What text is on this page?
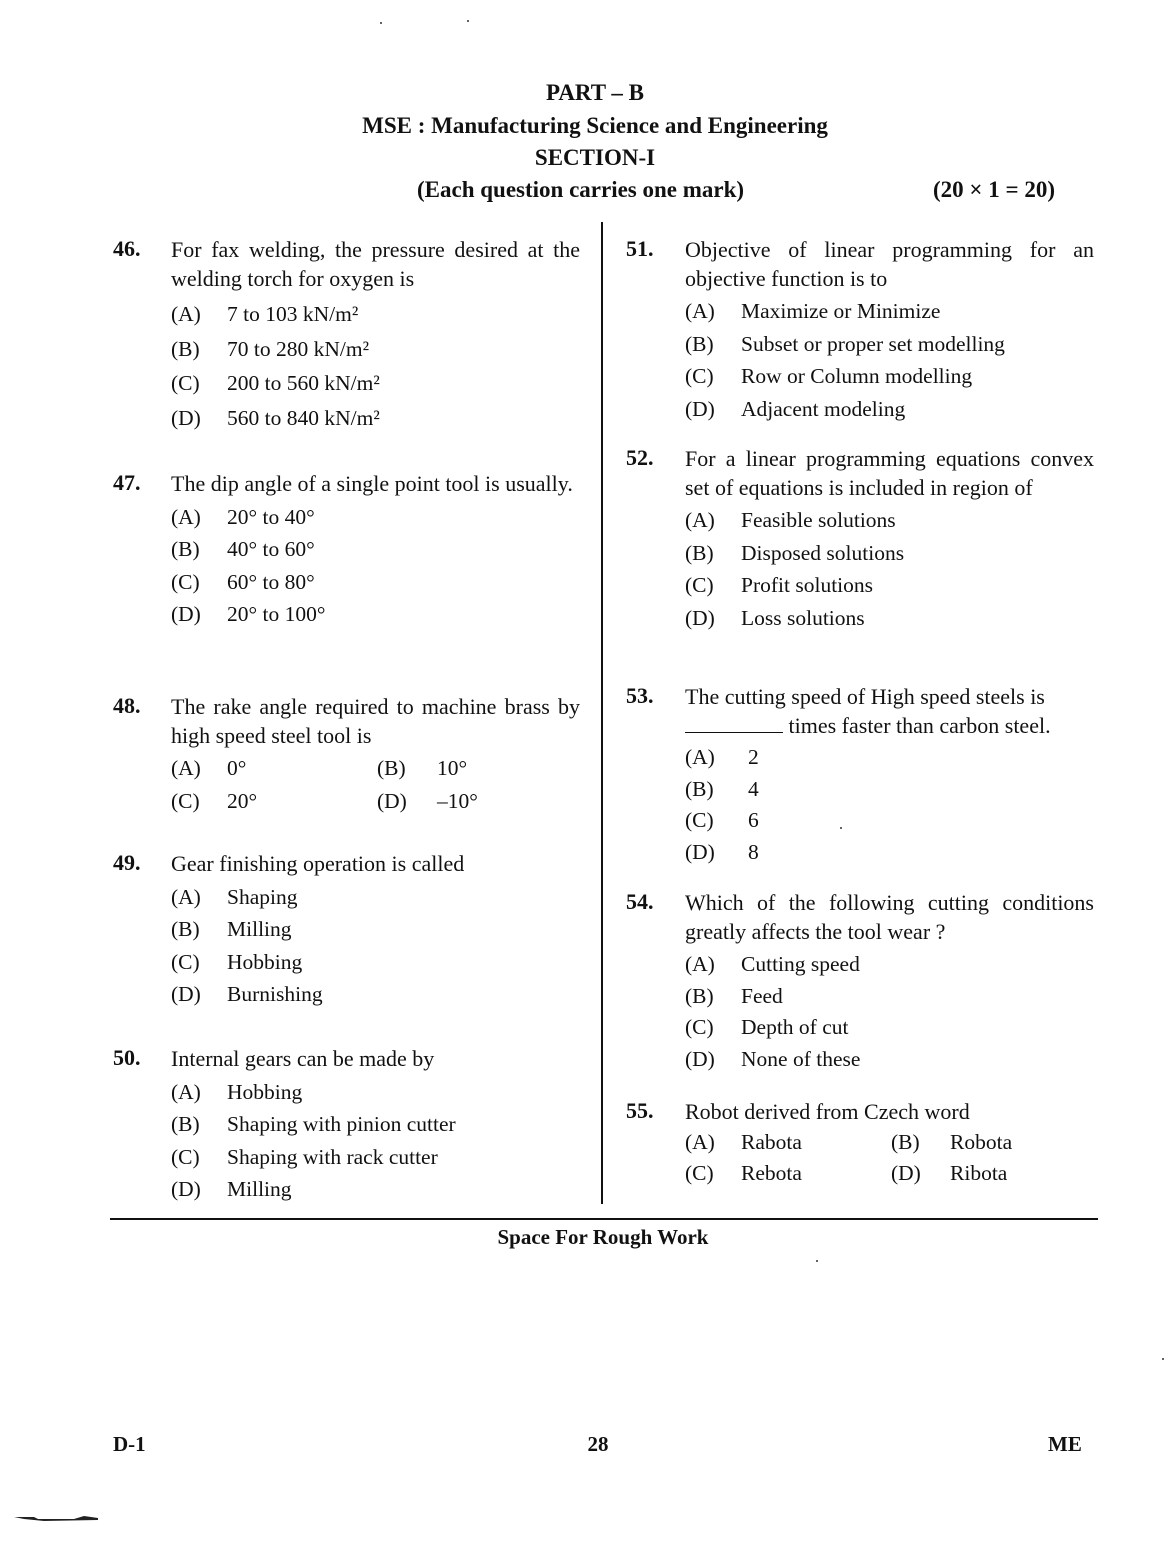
PART – B
MSE : Manufacturing Science and Engineering
SECTION-I
(Each question carries one mark)	(20 × 1 = 20)
46. For fax welding, the pressure desired at the welding torch for oxygen is
(A)	7 to 103 kN/m²
(B)	70 to 280 kN/m²
(C)	200 to 560 kN/m²
(D)	560 to 840 kN/m²
47. The dip angle of a single point tool is usually.
(A)	20° to 40°
(B)	40° to 60°
(C)	60° to 80°
(D)	20° to 100°
48. The rake angle required to machine brass by high speed steel tool is
(A)	0°	(B)	10°
(C)	20°	(D)	–10°
49. Gear finishing operation is called
(A)	Shaping
(B)	Milling
(C)	Hobbing
(D)	Burnishing
50. Internal gears can be made by
(A)	Hobbing
(B)	Shaping with pinion cutter
(C)	Shaping with rack cutter
(D)	Milling
51. Objective of linear programming for an objective function is to
(A)	Maximize or Minimize
(B)	Subset or proper set modelling
(C)	Row or Column modelling
(D)	Adjacent modeling
52. For a linear programming equations convex set of equations is included in region of
(A)	Feasible solutions
(B)	Disposed solutions
(C)	Profit solutions
(D)	Loss solutions
53. The cutting speed of High speed steels is
times faster than carbon steel.
(A)	2
(B)	4
(C)	6
(D)	8
54. Which of the following cutting conditions greatly affects the tool wear ?
(A)	Cutting speed
(B)	Feed
(C)	Depth of cut
(D)	None of these
55. Robot derived from Czech word
(A)	Rabota	(B)	Robota
(C)	Rebota	(D)	Ribota
Space For Rough Work
D-1	28	ME
